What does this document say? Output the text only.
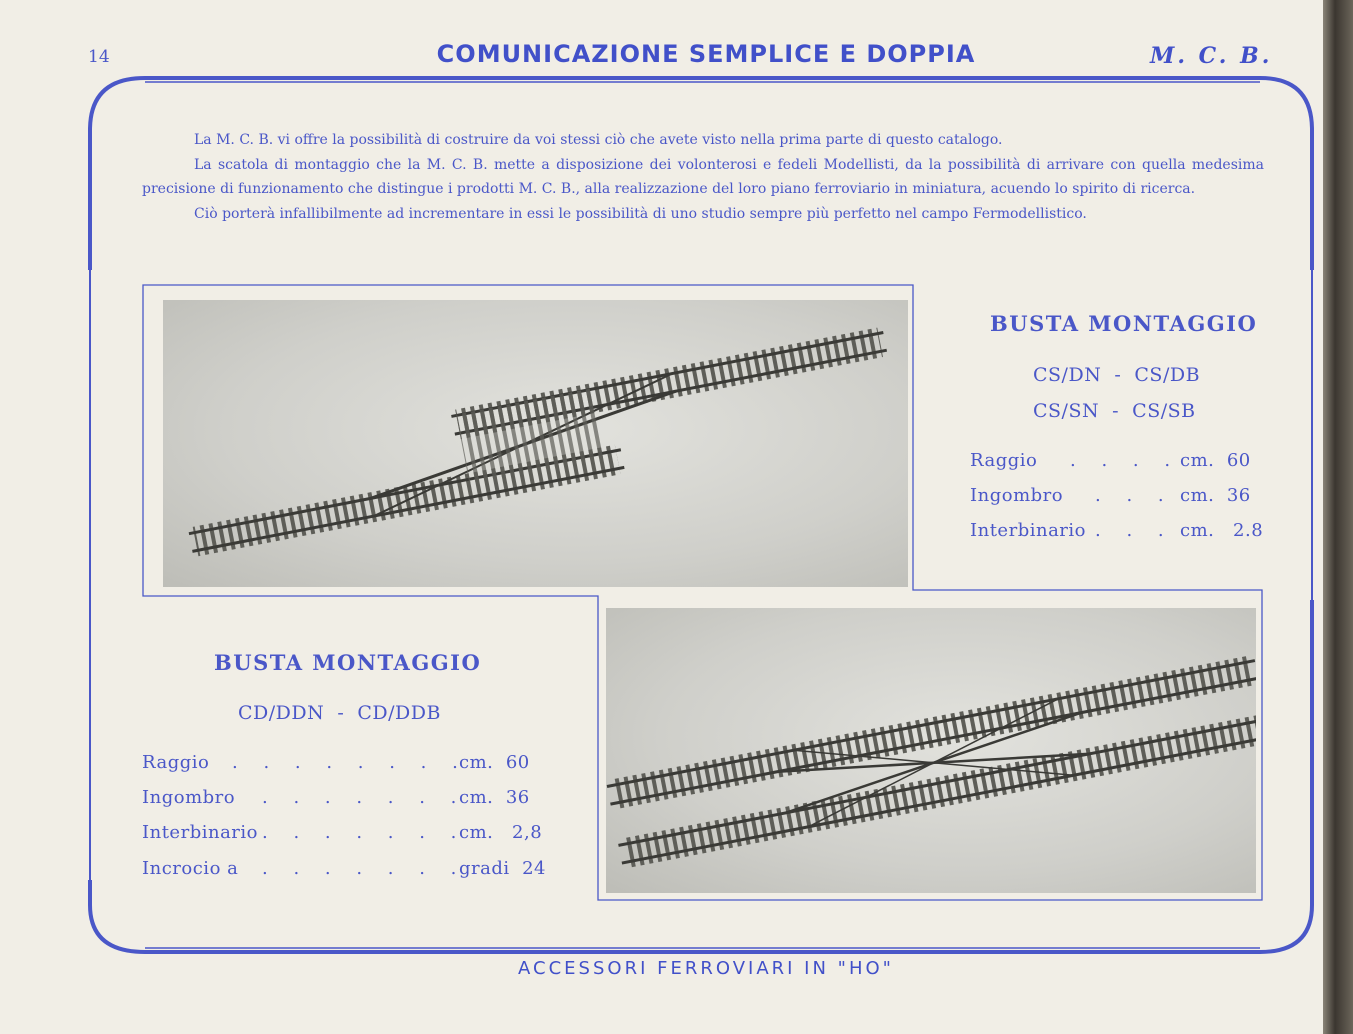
14	COMUNICAZIONE SEMPLICE E DOPPIA	M. C. B.

La M. C. B. vi offre la possibilità di costruire da voi stessi ciò che avete visto nella prima parte di questo catalogo.

La scatola di montaggio che la M. C. B. mette a disposizione dei volonterosi e fedeli Modellisti, da la possibilità di arrivare con quella medesima precisione di funzionamento che distingue i prodotti M. C. B., alla realizzazione del loro piano ferroviario in miniatura, acuendo lo spirito di ricerca.

Ciò porterà infallibilmente ad incrementare in essi le possibilità di uno studio sempre più perfetto nel campo Fermodellistico.

BUSTA MONTAGGIO
CS/DN  -  CS/DB
CS/SN  -  CS/SB
Raggio . . . . cm.  60
Ingombro . . . cm.  36
Interbinario . . . cm.   2.8
BUSTA MONTAGGIO
CD/DDN  -  CD/DDB
Raggio . . . . . . . .
cm.  60
Ingombro . . . . . . .
cm.  36
Interbinario . . . . . . .
cm.   2,8
Incrocio a . . . . . . .
gradi  24
ACCESSORI FERROVIARI IN "HO"
